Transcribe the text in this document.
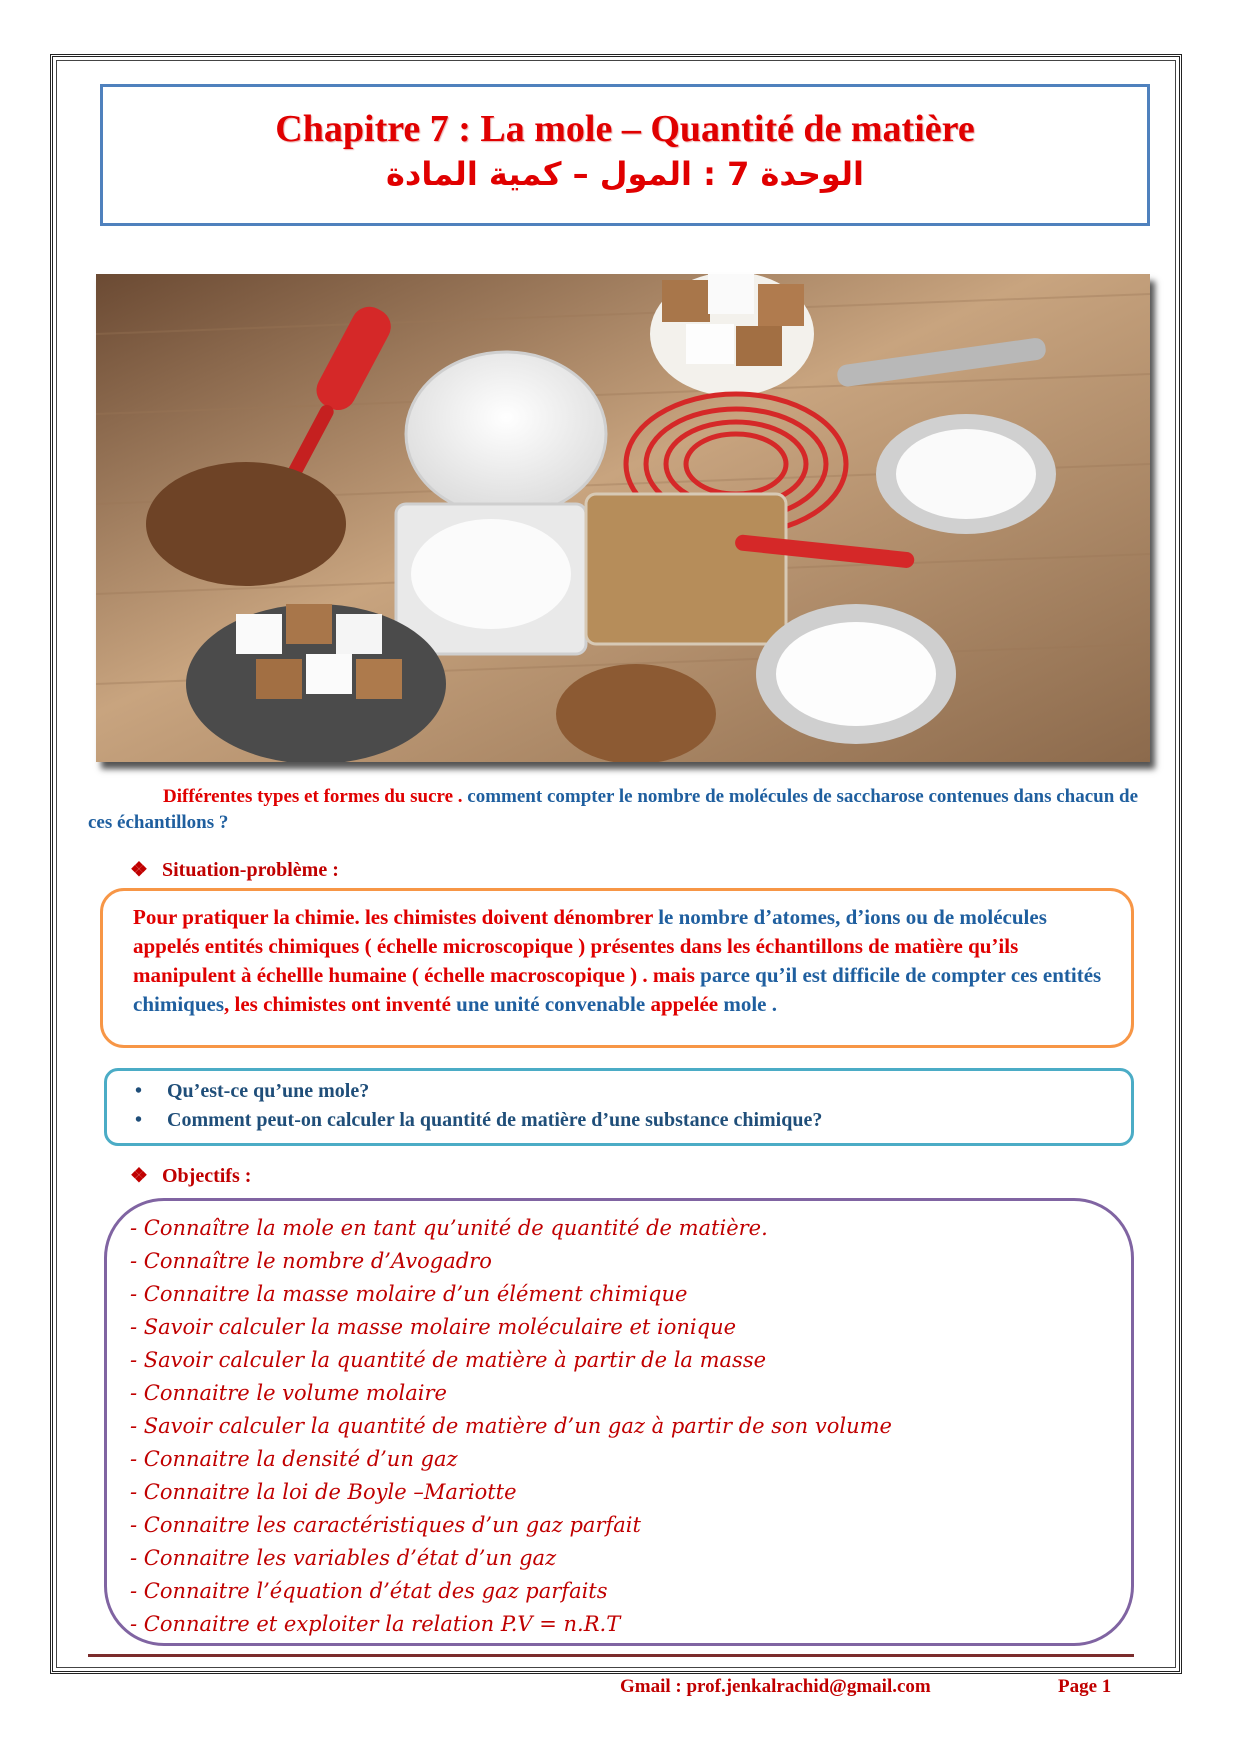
Chapitre 7 : La mole – Quantité de matière
الوحدة 7 : المول – كمية المادة
Différentes types et formes du sucre . comment compter le nombre de molécules de saccharose contenues dans chacun de ces échantillons ?
❖ Situation-problème :
Pour pratiquer la chimie. les chimistes doivent dénombrer le nombre d’atomes, d’ions ou de molécules appelés entités chimiques ( échelle microscopique ) présentes dans les échantillons de matière qu’ils manipulent à échellle humaine ( échelle macroscopique ) . mais parce qu’il est difficile de compter ces entités chimiques, les chimistes ont inventé une unité convenable appelée mole .
• Qu’est-ce qu’une mole?
• Comment peut-on calculer la quantité de matière d’une substance chimique?
❖ Objectifs :
- Connaître la mole en tant qu’unité de quantité de matière.
- Connaître le nombre d’Avogadro
- Connaitre la masse molaire d’un élément chimique
- Savoir calculer la masse molaire moléculaire et ionique
- Savoir calculer la quantité de matière à partir de la masse
- Connaitre le volume molaire
- Savoir calculer la quantité de matière d’un gaz à partir de son volume
- Connaitre la densité d’un gaz
- Connaitre la loi de Boyle –Mariotte
- Connaitre les caractéristiques d’un gaz parfait
- Connaitre les variables d’état d’un gaz
- Connaitre l’équation d’état des gaz parfaits
- Connaitre et exploiter la relation P.V = n.R.T
Gmail : prof.jenkalrachid@gmail.com	Page 1
